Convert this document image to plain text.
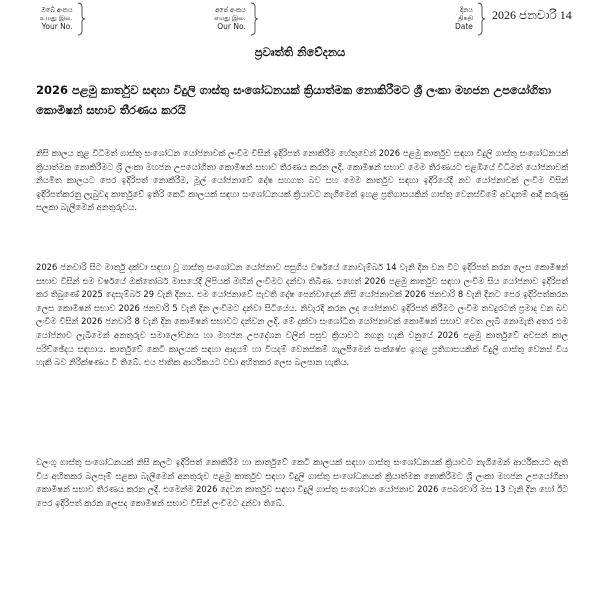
ඔබේ අංකය
உமது இல.
Your No.
අපේ අංකය
எமது இல.
Our No.
දිනය
திகதி
Date
2026 ජනවාරි 14
ප්‍රවෘත්ති නිවේදනය
2026 පළමු කාර්තුව සඳහා විදුලි ගාස්තු සංශෝධනයක් ක්‍රියාත්මක නොකිරීමට ශ්‍රී ලංකා මහජන උපයෝගිතා කොමිෂන් සභාව තීරණය කරයි

නිසි කාලය තුළ විධිමත් ගාස්තු සංශෝධන යෝජනාවක් ලංවිම විසින් ඉදිරිපත් නොකිරීම හේතුවෙන් 2026 පළමු කාර්තුව සඳහා විදුලි ගාස්තු සංශෝධනයක් ක්‍රියාත්මක නොකිරීමට ශ්‍රී ලංකා මහජන උපයෝගිතා කොමිෂන් සභාව තීරණය කරන ලදී. කොමිෂන් සභාව මෙම තීරණයට එළඹියේ විධිමත් යෝජනාවක් නියමිත කාලයට පෙර ඉදිරිපත් නොකිරීම, මූල් යෝජනාවේ දෝෂ සහගත බව සහ මෙම කාර්තුව සඳහා ඉදිරියේදී නව යෝජනාවක් ලංවිම විසින් ඉදිරිපත්කරනු ලැබුවද කාර්තුවේ ඉතිරි කෙටි කාලයක් සඳහා සංශෝධනයක් ක්‍රියාවට නැගීමෙන් ඉහළ ප්‍රතිගාසයකින් ගාස්තු වෙනස්වීමේ අවදානම් ආදී කරුණු සලකා බැලීමෙන් අනතුරුවය.

2026 ජනවාරි සිට මාර්තු දක්වා සඳහා වූ ගාස්තු සංශෝධන යෝජනාව පසුගිය වර්ෂයේ නොවැම්බර් 14 වැනි දින වන විට ඉදිරිපත් කරන ලෙස කොමිෂන් සභාව විසින් එම වර්ෂයේ ඔක්තෝබර් මාසයේදී ලිපියක් මඟින් ලංවිමට දන්වා තිබිණ. එහෙත් 2026 පළමු කාර්තුව සඳහා ලංවිම සිය යෝජනාව ඉදිරිපත් කර තිබුණේ 2025 දෙසැම්බර් 29 වැනි දිනය. එම යෝජනාවේ පැවති දෝෂ පෙන්වාදෙන් නිසි යෝජනාවක් 2026 ජනවාරි 8 වැනි දිනට පෙර ඉදිරිපත්කරන ලෙස කොමිෂන් සභාව 2026 ජනවාරි 5 වැනි දින ලංවිමට දන්වා සිටියේය. නිවැරදි කරන ලද යෝජනාව ඉදිරිපත් කිරීමට ලංවිම තවදුරටත් ප්‍රමාද වන බව ලංවිම විසින් 2026 ජනවාරි 8 වැනි දින කොමිෂන් සභාවට දන්වන ලදී. මේ දක්වා සංශෝධිත යෝජනාවක් කොමිෂන් සභාව වෙත ලැබී නොමැති අතර එම යෝජනාව ලැබීමෙන් අනතුරුව සමාලෝචනය හා මහජන උපදේශන වලින් පසුව ක්‍රියාවට නගනු හැකි වනුයේ 2026 පළමු කාර්තුවේ අවසන් කාල පරිච්ඡේදය සඳහාය. කාර්තුවේ කෙටි කාලයක් සඳහා ආදායම් හා වියදම් වෙනස්කම් ගැලපීමෙන් සංක්ෂේප ඉහළ ප්‍රතිගාසයකින් විදුලි ගාස්තු වෙනස් විය හැකි බව නිරීක්ෂණය වී තිබේ. එය ජාතික ආර්ථිකයට වඩා අහිතකර ලෙස බලපාන හැකිය.

වලංගු ගාස්තු සංශෝධනයක් නිසි කලට ඉදිරිපත් නොකිරීම හා කාර්තුවේ කෙටි කාලයක් සඳහා ගාස්තු සංශෝධනයක් ක්‍රියාවට නැගීමෙන් ආර්ථිකයට ඇති විය අහිතකර බලපෑම් සළකා බැලීමෙන් අනතුරුව පළමු කාර්තුව සඳහා විදුලි ගාස්තු සංශෝධනයක් ක්‍රියාත්මක නොකිරීමට ශ්‍රී ලංකා මහජන උපයෝගිතා කොමිෂන් සභාව තීරණය කරන ලදී. එමෙන්ම 2026 දෙවන කාර්තුව සඳහා විදුලි ගාස්තු සංශෝධන යෝජනාව 2026 පෙබරවාරි මස 13 වැනි දින හෝ ඊට පෙර ඉදිරිපත් කරන ලෙසද කොමිෂන් සභාව විසින් ලංවිමට දන්වා තිබේ.
